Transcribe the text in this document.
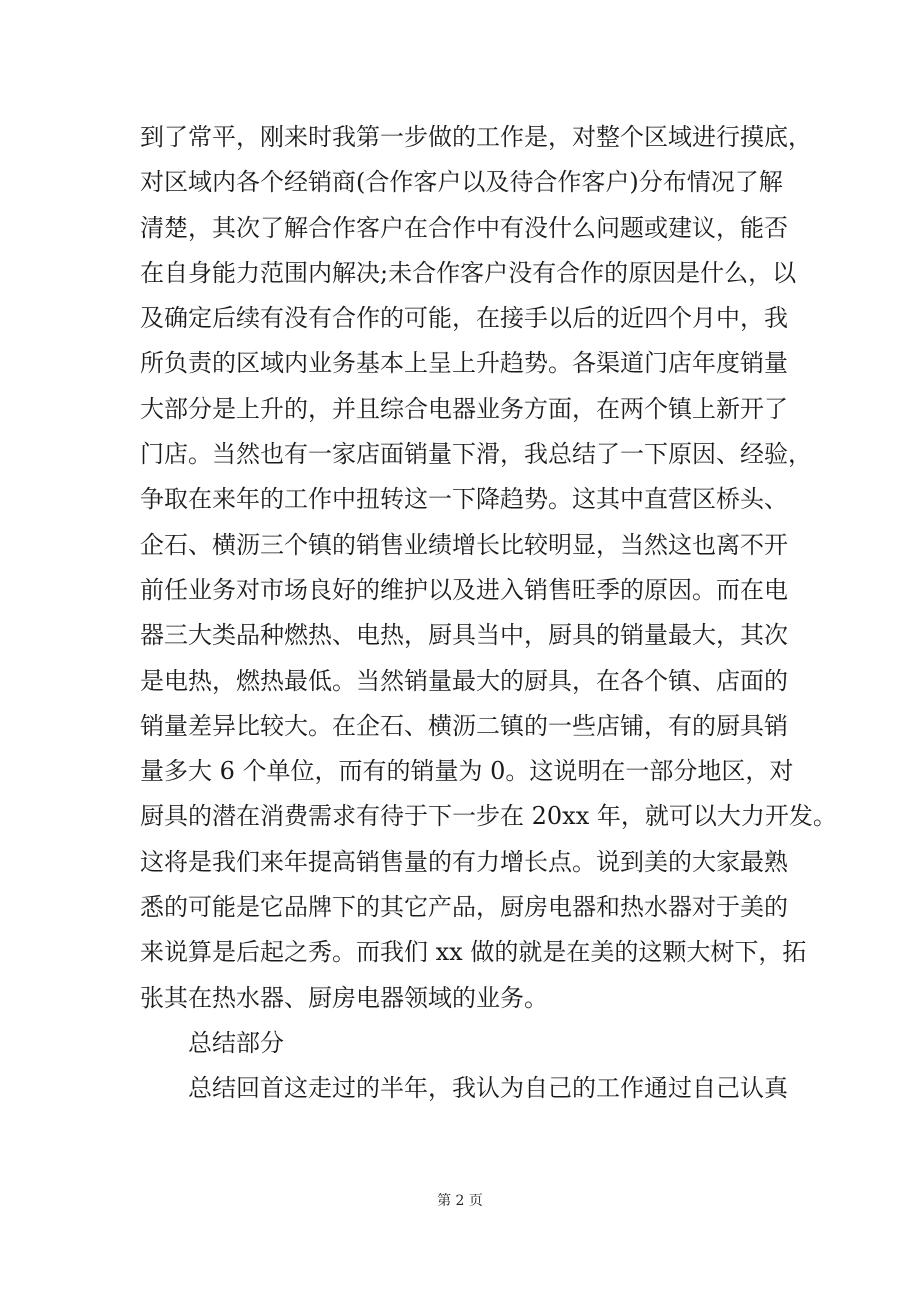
到了常平，刚来时我第一步做的工作是，对整个区域进行摸底，
对区域内各个经销商(合作客户以及待合作客户)分布情况了解
清楚，其次了解合作客户在合作中有没什么问题或建议，能否
在自身能力范围内解决;未合作客户没有合作的原因是什么，以
及确定后续有没有合作的可能，在接手以后的近四个月中，我
所负责的区域内业务基本上呈上升趋势。各渠道门店年度销量
大部分是上升的，并且综合电器业务方面，在两个镇上新开了
门店。当然也有一家店面销量下滑，我总结了一下原因、经验，
争取在来年的工作中扭转这一下降趋势。这其中直营区桥头、
企石、横沥三个镇的销售业绩增长比较明显，当然这也离不开
前任业务对市场良好的维护以及进入销售旺季的原因。而在电
器三大类品种燃热、电热，厨具当中，厨具的销量最大，其次
是电热，燃热最低。当然销量最大的厨具，在各个镇、店面的
销量差异比较大。在企石、横沥二镇的一些店铺，有的厨具销
量多大 6 个单位，而有的销量为 0。这说明在一部分地区，对
厨具的潜在消费需求有待于下一步在 20xx 年，就可以大力开发。
这将是我们来年提高销售量的有力增长点。说到美的大家最熟
悉的可能是它品牌下的其它产品，厨房电器和热水器对于美的
来说算是后起之秀。而我们 xx 做的就是在美的这颗大树下，拓
张其在热水器、厨房电器领域的业务。
总结部分
总结回首这走过的半年，我认为自己的工作通过自己认真
第 2 页
